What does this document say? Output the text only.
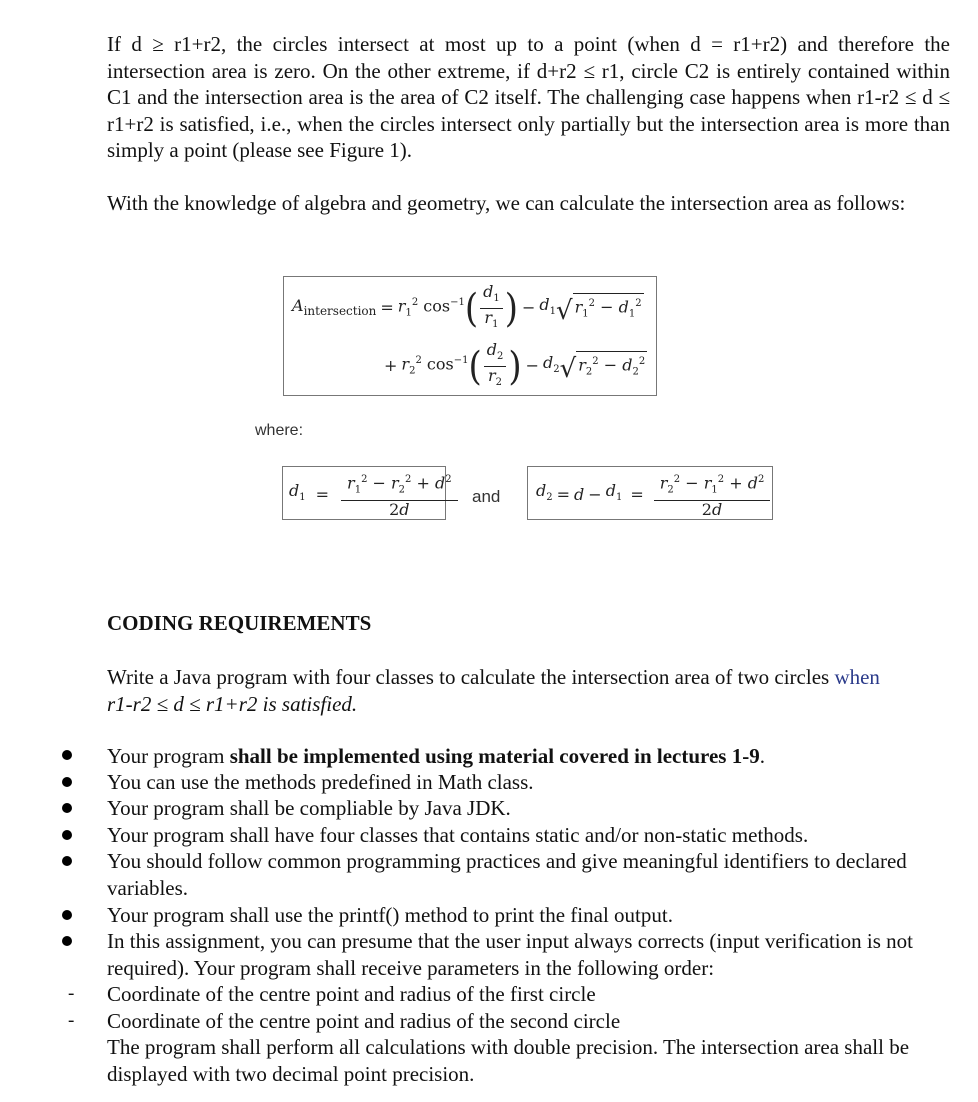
If d ≥ r1+r2, the circles intersect at most up to a point (when d = r1+r2) and therefore the intersection area is zero. On the other extreme, if d+r2 ≤ r1, circle C2 is entirely contained within C1 and the intersection area is the area of C2 itself. The challenging case happens when r1-r2 ≤ d ≤ r1+r2 is satisfied, i.e., when the circles intersect only partially but the intersection area is more than simply a point (please see Figure 1).
With the knowledge of algebra and geometry, we can calculate the intersection area as follows:
$A_{intersection} = r_1^2$ $\cos^{-1}$ ( $\frac{d_1}{r_1}$ ) − $d_1$ √ $r_1^2 - d_1^2$
+ $r_2^2$ $\cos^{-1}$ ( $\frac{d_2}{r_2}$ ) − $d_2$ √ $r_2^2 - d_2^2$
where:
$d_1 = \frac{r_1^2 - r_2^2 + d^2}{2d}$ and $d_2 = d - d_1 = \frac{r_2^2 - r_1^2 + d^2}{2d}$
CODING REQUIREMENTS
Write a Java program with four classes to calculate the intersection area of two circles when
r1-r2 ≤ d ≤ r1+r2 is satisfied.
Your program shall be implemented using material covered in lectures 1-9.
You can use the methods predefined in Math class.
Your program shall be compliable by Java JDK.
Your program shall have four classes that contains static and/or non-static methods.
You should follow common programming practices and give meaningful identifiers to declared variables.
Your program shall use the printf() method to print the final output.
In this assignment, you can presume that the user input always corrects (input verification is not required). Your program shall receive parameters in the following order:
- Coordinate of the centre point and radius of the first circle
- Coordinate of the centre point and radius of the second circle
The program shall perform all calculations with double precision. The intersection area shall be displayed with two decimal point precision.
